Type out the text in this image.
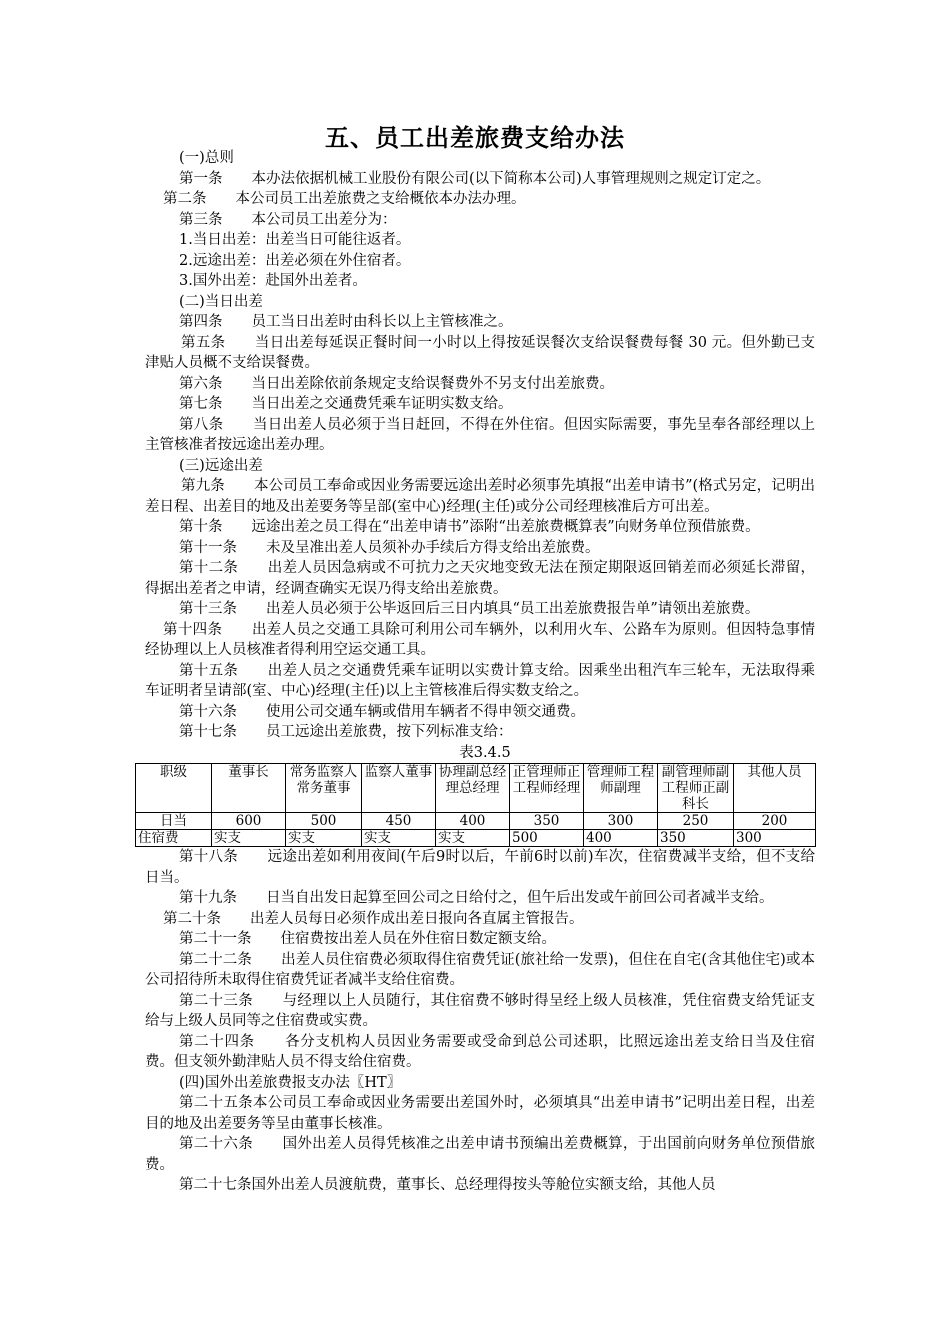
五、员工出差旅费支给办法

(一)总则

第一条　　本办法依据机械工业股份有限公司(以下简称本公司)人事管理规则之规定订定之。

第二条　　本公司员工出差旅费之支给概依本办法办理。

第三条　　本公司员工出差分为：

1.当日出差：出差当日可能往返者。

2.远途出差：出差必须在外住宿者。

3.国外出差：赴国外出差者。

(二)当日出差

第四条　　员工当日出差时由科长以上主管核准之。

第五条　　当日出差每延误正餐时间一小时以上得按延误餐次支给误餐费每餐 30 元。但外勤已支津贴人员概不支给误餐费。

第六条　　当日出差除依前条规定支给误餐费外不另支付出差旅费。

第七条　　当日出差之交通费凭乘车证明实数支给。

第八条　　当日出差人员必须于当日赶回，不得在外住宿。但因实际需要，事先呈奉各部经理以上主管核准者按远途出差办理。

(三)远途出差

第九条　　本公司员工奉命或因业务需要远途出差时必须事先填报“出差申请书”(格式另定，记明出差日程、出差目的地及出差要务等呈部(室中心)经理(主任)或分公司经理核准后方可出差。

第十条　　远途出差之员工得在“出差申请书”添附“出差旅费概算表”向财务单位预借旅费。

第十一条　　未及呈准出差人员须补办手续后方得支给出差旅费。

第十二条　　出差人员因急病或不可抗力之天灾地变致无法在预定期限返回销差而必须延长滞留，得据出差者之申请，经调查确实无误乃得支给出差旅费。

第十三条　　出差人员必须于公毕返回后三日内填具“员工出差旅费报告单”请领出差旅费。

第十四条　　出差人员之交通工具除可利用公司车辆外，以利用火车、公路车为原则。但因特急事情经协理以上人员核准者得利用空运交通工具。

第十五条　　出差人员之交通费凭乘车证明以实费计算支给。因乘坐出租汽车三轮车，无法取得乘车证明者呈请部(室、中心)经理(主任)以上主管核准后得实数支给之。

第十六条　　使用公司交通车辆或借用车辆者不得申领交通费。

第十七条　　员工远途出差旅费，按下列标准支给：

表3.4.5

职级	董事长	常务监察人常务董事	监察人董事	协理副总经理总经理	正管理师正工程师经理	管理师工程师副理	副管理师副工程师正副科长	其他人员
日当	600	500	450	400	350	300	250	200
住宿费	实支	实支	实支	实支	500	400	350	300

第十八条　　远途出差如利用夜间(午后9时以后，午前6时以前)车次，住宿费减半支给，但不支给日当。

第十九条　　日当自出发日起算至回公司之日给付之，但午后出发或午前回公司者减半支给。

第二十条　　出差人员每日必须作成出差日报向各直属主管报告。

第二十一条　　住宿费按出差人员在外住宿日数定额支给。

第二十二条　　出差人员住宿费必须取得住宿费凭证(旅社给一发票)，但住在自宅(含其他住宅)或本公司招待所未取得住宿费凭证者减半支给住宿费。

第二十三条　　与经理以上人员随行，其住宿费不够时得呈经上级人员核准，凭住宿费支给凭证支给与上级人员同等之住宿费或实费。

第二十四条　　各分支机构人员因业务需要或受命到总公司述职，比照远途出差支给日当及住宿费。但支领外勤津贴人员不得支给住宿费。

(四)国外出差旅费报支办法〖HT〗

第二十五条本公司员工奉命或因业务需要出差国外时，必须填具“出差申请书”记明出差日程，出差目的地及出差要务等呈由董事长核准。

第二十六条　　国外出差人员得凭核准之出差申请书预编出差费概算，于出国前向财务单位预借旅费。

第二十七条国外出差人员渡航费，董事长、总经理得按头等舱位实额支给，其他人员
